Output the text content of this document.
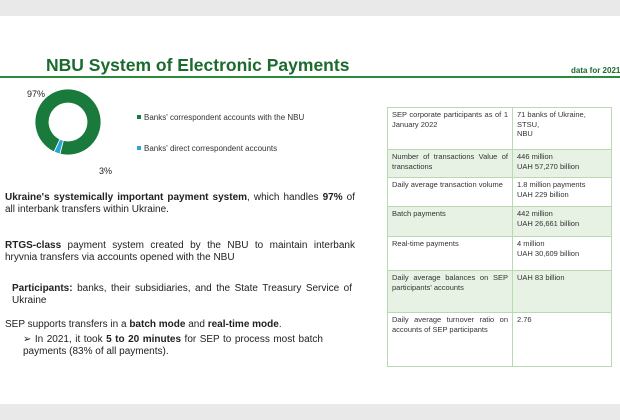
NBU System of Electronic Payments	data for 2021
97%
3%
Banks' correspondent accounts with the NBU
Banks' direct correspondent accounts
Ukraine's systemically important payment system, which handles 97% of all interbank transfers within Ukraine.
RTGS-class payment system created by the NBU to maintain interbank hryvnia transfers via accounts opened with the NBU
Participants: banks, their subsidiaries, and the State Treasury Service of Ukraine
SEP supports transfers in a batch mode and real-time mode.
➢ In 2021, it took 5 to 20 minutes for SEP to process most batch payments (83% of all payments).
SEP corporate participants as of 1 January 2022	71 banks of Ukraine,
STSU,
NBU

Number of transactions Value of transactions	446 million
UAH 57,270 billion

Daily average transaction volume	1.8 million payments
UAH 229 billion

Batch payments	442 million
UAH 26,661 billion

Real-time payments	4 million
UAH 30,609 billion

Daily average balances on SEP participants' accounts	UAH 83 billion

Daily average turnover ratio on accounts of SEP participants	2.76
